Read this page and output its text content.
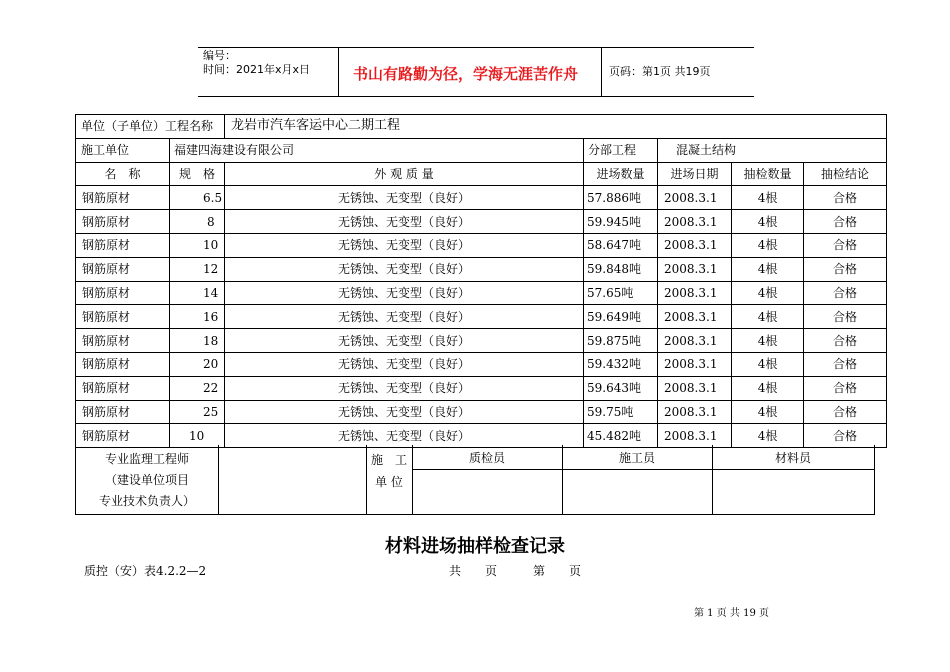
编号：
时间：2021年x月x日	书山有路勤为径，学海无涯苦作舟	页码：第1页 共19页
单位（子单位）工程名称		龙岩市汽车客运中心二期工程					
施工单位	福建四海建设有限公司		分部工程	混凝土结构			
名　称	规　格	外 观 质 量	进场数量	进场日期	抽检数量	抽检结论	
钢筋原材	6.5	无锈蚀、无变型（良好）	57.886吨	2008.3.1	4根	合格	
钢筋原材	8	无锈蚀、无变型（良好）	59.945吨	2008.3.1	4根	合格	
钢筋原材	10	无锈蚀、无变型（良好）	58.647吨	2008.3.1	4根	合格	
钢筋原材	12	无锈蚀、无变型（良好）	59.848吨	2008.3.1	4根	合格	
钢筋原材	14	无锈蚀、无变型（良好）	57.65吨	2008.3.1	4根	合格	
钢筋原材	16	无锈蚀、无变型（良好）	59.649吨	2008.3.1	4根	合格	
钢筋原材	18	无锈蚀、无变型（良好）	59.875吨	2008.3.1	4根	合格	
钢筋原材	20	无锈蚀、无变型（良好）	59.432吨	2008.3.1	4根	合格	
钢筋原材	22	无锈蚀、无变型（良好）	59.643吨	2008.3.1	4根	合格	
钢筋原材	25	无锈蚀、无变型（良好）	59.75吨	2008.3.1	4根	合格	
钢筋原材	10	无锈蚀、无变型（良好）	45.482吨	2008.3.1	4根	合格	
专业监理工程师
（建设单位项目
专业技术负责人）
施　工
单 位
质检员	施工员	材料员
材料进场抽样检查记录
质控（安）表4.2.2—2	共　　页　　　第　　页
第 1 页 共 19 页
